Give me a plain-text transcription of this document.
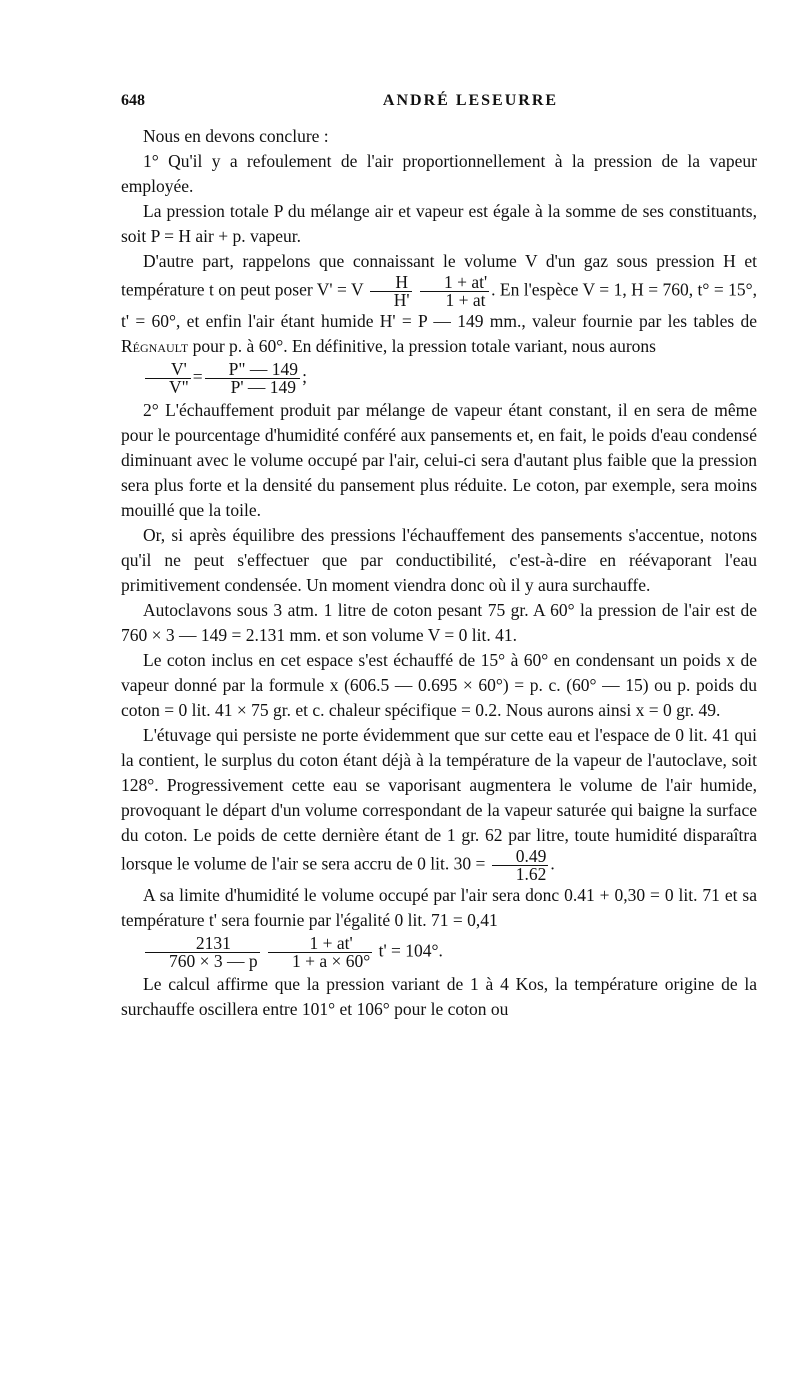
648	ANDRÉ LESEURRE

Nous en devons conclure :

1° Qu'il y a refoulement de l'air proportionnellement à la pression de la vapeur employée.

La pression totale P du mélange air et vapeur est égale à la somme de ses constituants, soit P = H air + p. vapeur.

D'autre part, rappelons que connaissant le volume V d'un gaz sous pression H et température t on peut poser V' = V $\frac{H}{H'}$
$\frac{1 + at'}{1 + at}$ . En l'espèce V = 1, H = 760, t° = 15°, t' = 60°, et enfin l'air étant humide H' = P — 149 mm., valeur fournie par les tables de Régnault pour p. à 60°. En définitive, la pression totale variant, nous aurons
$\frac{V'}{V"} = \frac{P" — 149}{P' — 149}$ ;

2° L'échauffement produit par mélange de vapeur étant constant, il en sera de même pour le pourcentage d'humidité conféré aux pansements et, en fait, le poids d'eau condensé diminuant avec le volume occupé par l'air, celui-ci sera d'autant plus faible que la pression sera plus forte et la densité du pansement plus réduite. Le coton, par exemple, sera moins mouillé que la toile.

Or, si après équilibre des pressions l'échauffement des pansements s'accentue, notons qu'il ne peut s'effectuer que par conductibilité, c'est-à-dire en réévaporant l'eau primitivement condensée. Un moment viendra donc où il y aura surchauffe.

Autoclavons sous 3 atm. 1 litre de coton pesant 75 gr. A 60° la pression de l'air est de 760 × 3 — 149 = 2.131 mm. et son volume V = 0 lit. 41.

Le coton inclus en cet espace s'est échauffé de 15° à 60° en condensant un poids x de vapeur donné par la formule x (606.5 — 0.695 × 60°) = p. c. (60° — 15) ou p. poids du coton = 0 lit. 41 × 75 gr. et c. chaleur spécifique = 0.2. Nous aurons ainsi x = 0 gr. 49.

L'étuvage qui persiste ne porte évidemment que sur cette eau et l'espace de 0 lit. 41 qui la contient, le surplus du coton étant déjà à la température de la vapeur de l'autoclave, soit 128°. Progressivement cette eau se vaporisant augmentera le volume de l'air humide, provoquant le départ d'un volume correspondant de la vapeur saturée qui baigne la surface du coton. Le poids de cette dernière étant de 1 gr. 62 par litre, toute humidité disparaîtra lorsque le volume de l'air se sera accru de 0 lit. $30 = \frac{0.49}{1.62}$ .

A sa limite d'humidité le volume occupé par l'air sera donc 0.41 + 0,30 = 0 lit. 71 et sa température t' sera fournie par l'égalité 0 lit. 71 = 0,41
$\frac{2131}{760 \times 3 — p}$
$\frac{1 + at'}{1 + a \times 60^\circ} t' = 104^\circ$.

Le calcul affirme que la pression variant de 1 à 4 Kos, la température origine de la surchauffe oscillera entre 101° et 106° pour le coton ou
